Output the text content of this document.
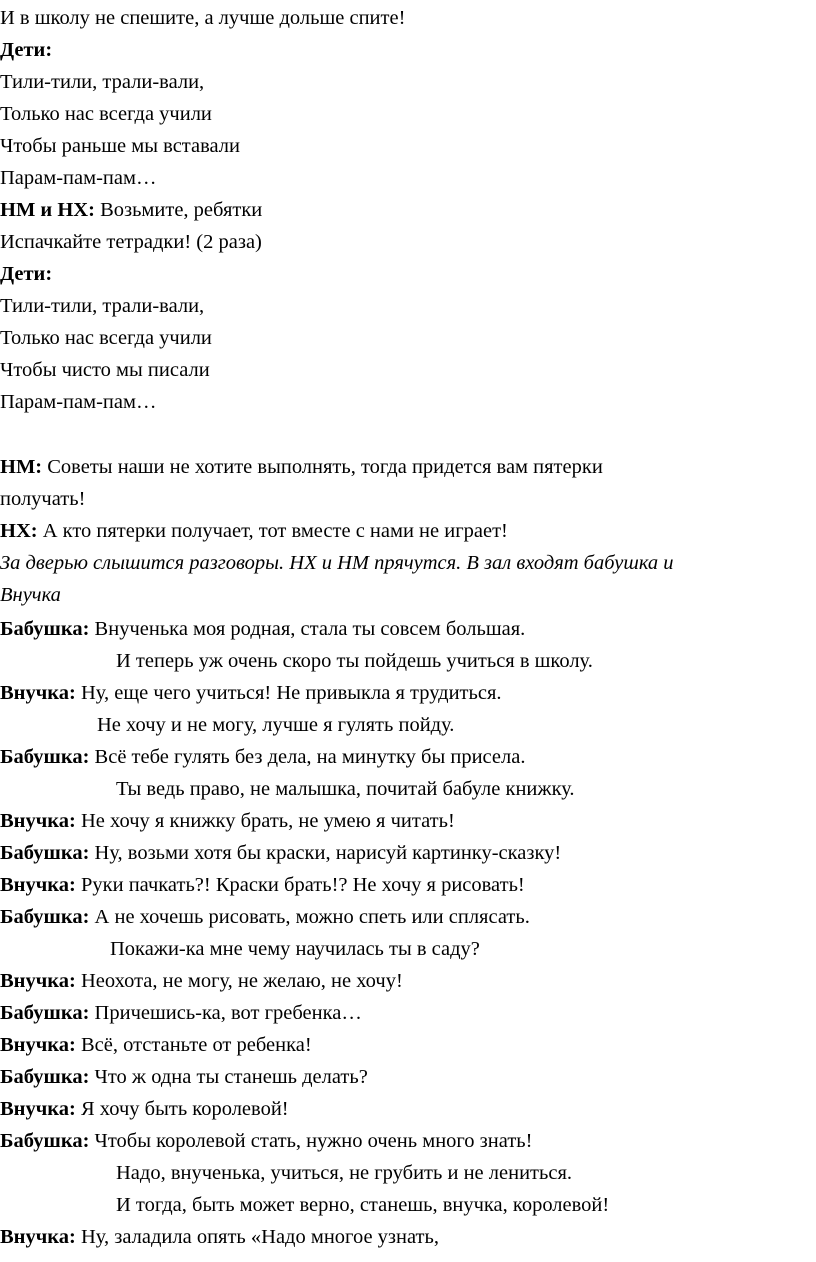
И в школу не спешите, а лучше дольше спите!
Дети:
Тили-тили, трали-вали,
Только нас всегда учили
Чтобы раньше мы вставали
Парам-пам-пам…
НМ и НХ: Возьмите, ребятки
Испачкайте тетрадки! (2 раза)
Дети:
Тили-тили, трали-вали,
Только нас всегда учили
Чтобы чисто мы писали
Парам-пам-пам…
НМ: Советы наши не хотите выполнять, тогда придется вам пятерки
получать!
НХ: А кто пятерки получает, тот вместе с нами не играет!
За дверью слышится разговоры. НХ и НМ прячутся. В зал входят бабушка и
Внучка
Бабушка: Внученька моя родная, стала ты совсем большая.
И теперь уж очень скоро ты пойдешь учиться в школу.
Внучка: Ну, еще чего учиться! Не привыкла я трудиться.
Не хочу и не могу, лучше я гулять пойду.
Бабушка: Всё тебе гулять без дела, на минутку бы присела.
Ты ведь право, не малышка, почитай бабуле книжку.
Внучка: Не хочу я книжку брать, не умею я читать!
Бабушка: Ну, возьми хотя бы краски, нарисуй картинку-сказку!
Внучка: Руки пачкать?! Краски брать!? Не хочу я рисовать!
Бабушка: А не хочешь рисовать, можно спеть или сплясать.
Покажи-ка мне чему научилась ты в саду?
Внучка: Неохота, не могу, не желаю, не хочу!
Бабушка: Причешись-ка, вот гребенка…
Внучка: Всё, отстаньте от ребенка!
Бабушка: Что ж одна ты станешь делать?
Внучка: Я хочу быть королевой!
Бабушка: Чтобы королевой стать, нужно очень много знать!
Надо, внученька, учиться, не грубить и не лениться.
И тогда, быть может верно, станешь, внучка, королевой!
Внучка: Ну, заладила опять «Надо многое узнать,
